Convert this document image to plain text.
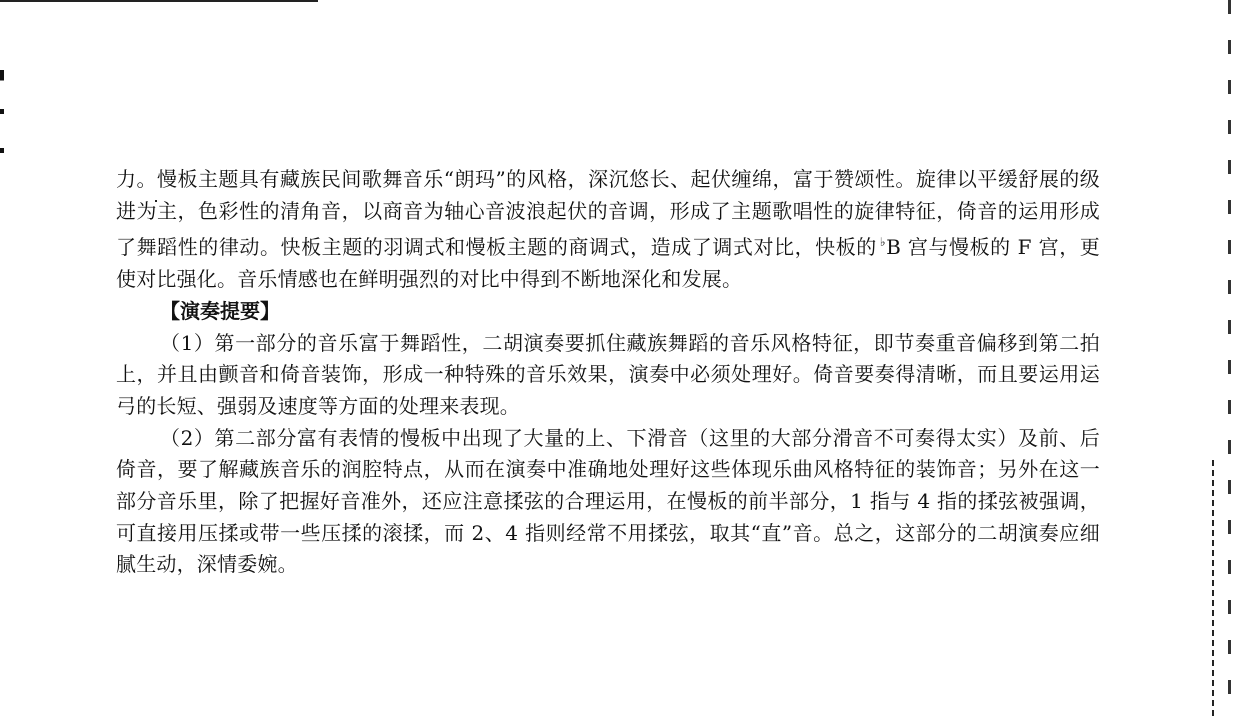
力。慢板主题具有藏族民间歌舞音乐“朗玛”的风格，深沉悠长、起伏缠绵，富于赞颂性。旋律以平缓舒展的级进为主，色彩性的清角音，以商音为轴心音波浪起伏的音调，形成了主题歌唱性的旋律特征，倚音的运用形成了舞蹈性的律动。快板主题的羽调式和慢板主题的商调式，造成了调式对比，快板的 ♭B 宫与慢板的 F 宫，更使对比强化。音乐情感也在鲜明强烈的对比中得到不断地深化和发展。

【演奏提要】

（1）第一部分的音乐富于舞蹈性，二胡演奏要抓住藏族舞蹈的音乐风格特征，即节奏重音偏移到第二拍上，并且由颤音和倚音装饰，形成一种特殊的音乐效果，演奏中必须处理好。倚音要奏得清晰，而且要运用运弓的长短、强弱及速度等方面的处理来表现。

（2）第二部分富有表情的慢板中出现了大量的上、下滑音（这里的大部分滑音不可奏得太实）及前、后倚音，要了解藏族音乐的润腔特点，从而在演奏中准确地处理好这些体现乐曲风格特征的装饰音；另外在这一部分音乐里，除了把握好音准外，还应注意揉弦的合理运用，在慢板的前半部分，1 指与 4 指的揉弦被强调，可直接用压揉或带一些压揉的滚揉，而 2、4 指则经常不用揉弦，取其“直”音。总之，这部分的二胡演奏应细腻生动，深情委婉。
